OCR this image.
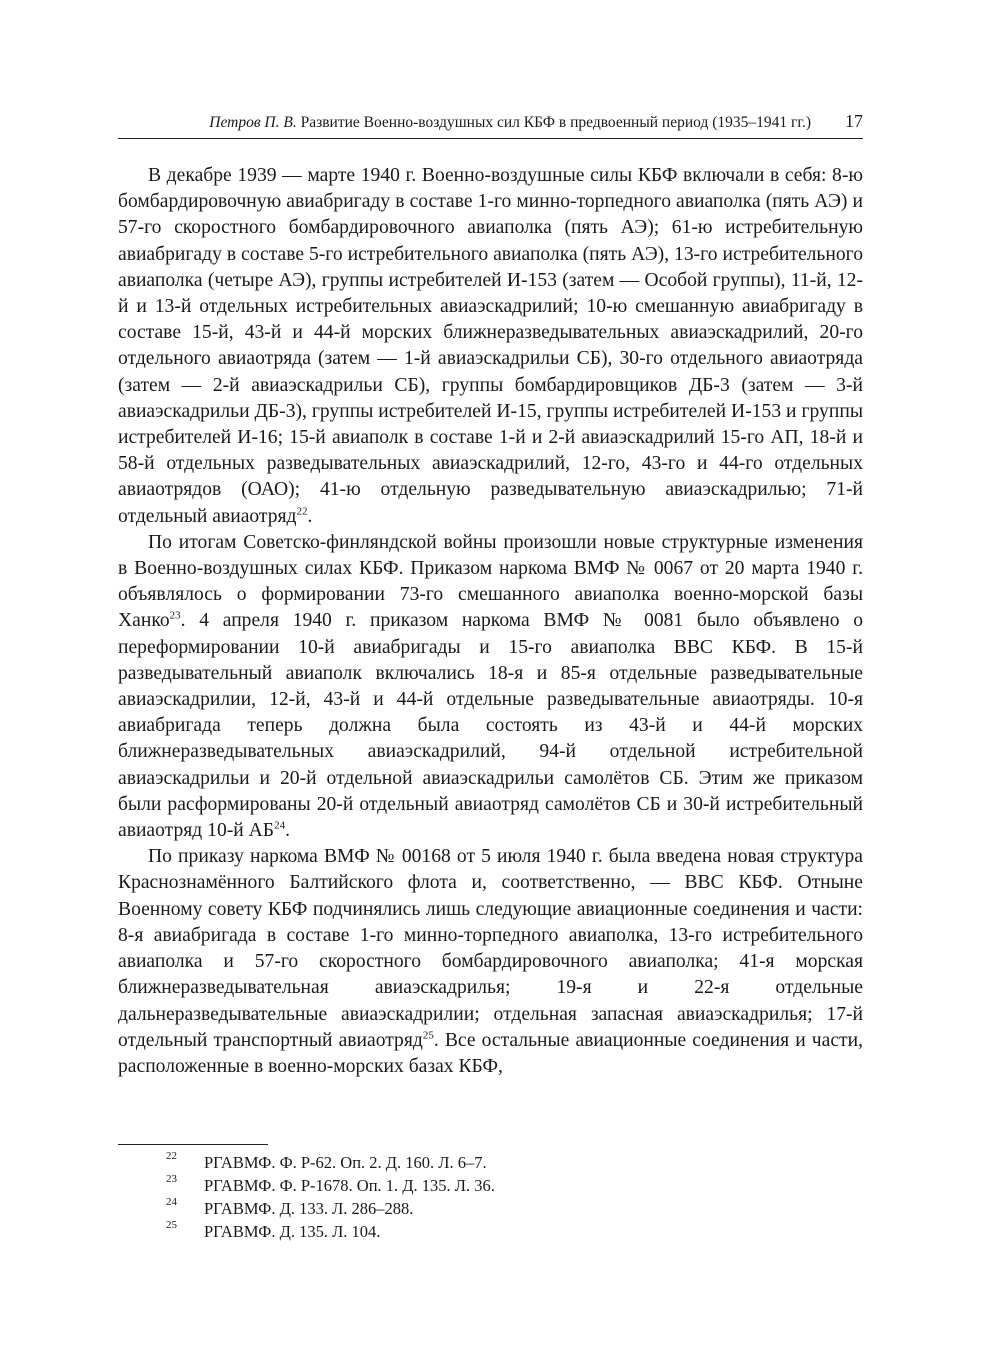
Петров П. В. Развитие Военно-воздушных сил КБФ в предвоенный период (1935–1941 гг.) 17

В декабре 1939 — марте 1940 г. Военно-воздушные силы КБФ включали в себя: 8-ю бомбардировочную авиабригаду в составе 1-го минно-торпедного авиаполка (пять АЭ) и 57-го скоростного бомбардировочного авиаполка (пять АЭ); 61-ю истребительную авиабригаду в составе 5-го истребительного авиаполка (пять АЭ), 13-го истребительного авиаполка (четыре АЭ), группы истребителей И-153 (затем — Особой группы), 11-й, 12-й и 13-й отдельных истребительных авиаэскадрилий; 10-ю смешанную авиабригаду в составе 15-й, 43-й и 44-й морских ближнеразведывательных авиаэскадрилий, 20-го отдельного авиаотряда (затем — 1-й авиаэскадрильи СБ), 30-го отдельного авиаотряда (затем — 2-й авиаэскадрильи СБ), группы бомбардировщиков ДБ-3 (затем — 3-й авиаэскадрильи ДБ-3), группы истребителей И-15, группы истребителей И-153 и группы истребителей И-16; 15-й авиаполк в составе 1-й и 2-й авиаэскадрилий 15-го АП, 18-й и 58-й отдельных разведывательных авиаэскадрилий, 12-го, 43-го и 44-го отдельных авиаотрядов (ОАО); 41-ю отдельную разведывательную авиаэскадрилью; 71-й отдельный авиаотряд$^{22}$.

По итогам Советско-финляндской войны произошли новые структурные изменения в Военно-воздушных силах КБФ. Приказом наркома ВМФ № 0067 от 20 марта 1940 г. объявлялось о формировании 73-го смешанного авиаполка военно-морской базы Ханко$^{23}$. 4 апреля 1940 г. приказом наркома ВМФ № 0081 было объявлено о переформировании 10-й авиабригады и 15-го авиаполка ВВС КБФ. В 15-й разведывательный авиаполк включались 18-я и 85-я отдельные разведывательные авиаэскадрилии, 12-й, 43-й и 44-й отдельные разведывательные авиаотряды. 10-я авиабригада теперь должна была состоять из 43-й и 44-й морских ближнеразведывательных авиаэскадрилий, 94-й отдельной истребительной авиаэскадрильи и 20-й отдельной авиаэскадрильи самолётов СБ. Этим же приказом были расформированы 20-й отдельный авиаотряд самолётов СБ и 30-й истребительный авиаотряд 10-й АБ$^{24}$.

По приказу наркома ВМФ № 00168 от 5 июля 1940 г. была введена новая структура Краснознамённого Балтийского флота и, соответственно, — ВВС КБФ. Отныне Военному совету КБФ подчинялись лишь следующие авиационные соединения и части: 8-я авиабригада в составе 1-го минно-торпедного авиаполка, 13-го истребительного авиаполка и 57-го скоростного бомбардировочного авиаполка; 41-я морская ближнеразведывательная авиаэскадрилья; 19-я и 22-я отдельные дальнеразведывательные авиаэскадрилии; отдельная запасная авиаэскадрилья; 17-й отдельный транспортный авиаотряд$^{25}$. Все остальные авиационные соединения и части, расположенные в военно-морских базах КБФ,

22 РГАВМФ. Ф. Р-62. Оп. 2. Д. 160. Л. 6–7.
23 РГАВМФ. Ф. Р-1678. Оп. 1. Д. 135. Л. 36.
24 РГАВМФ. Д. 133. Л. 286–288.
25 РГАВМФ. Д. 135. Л. 104.
